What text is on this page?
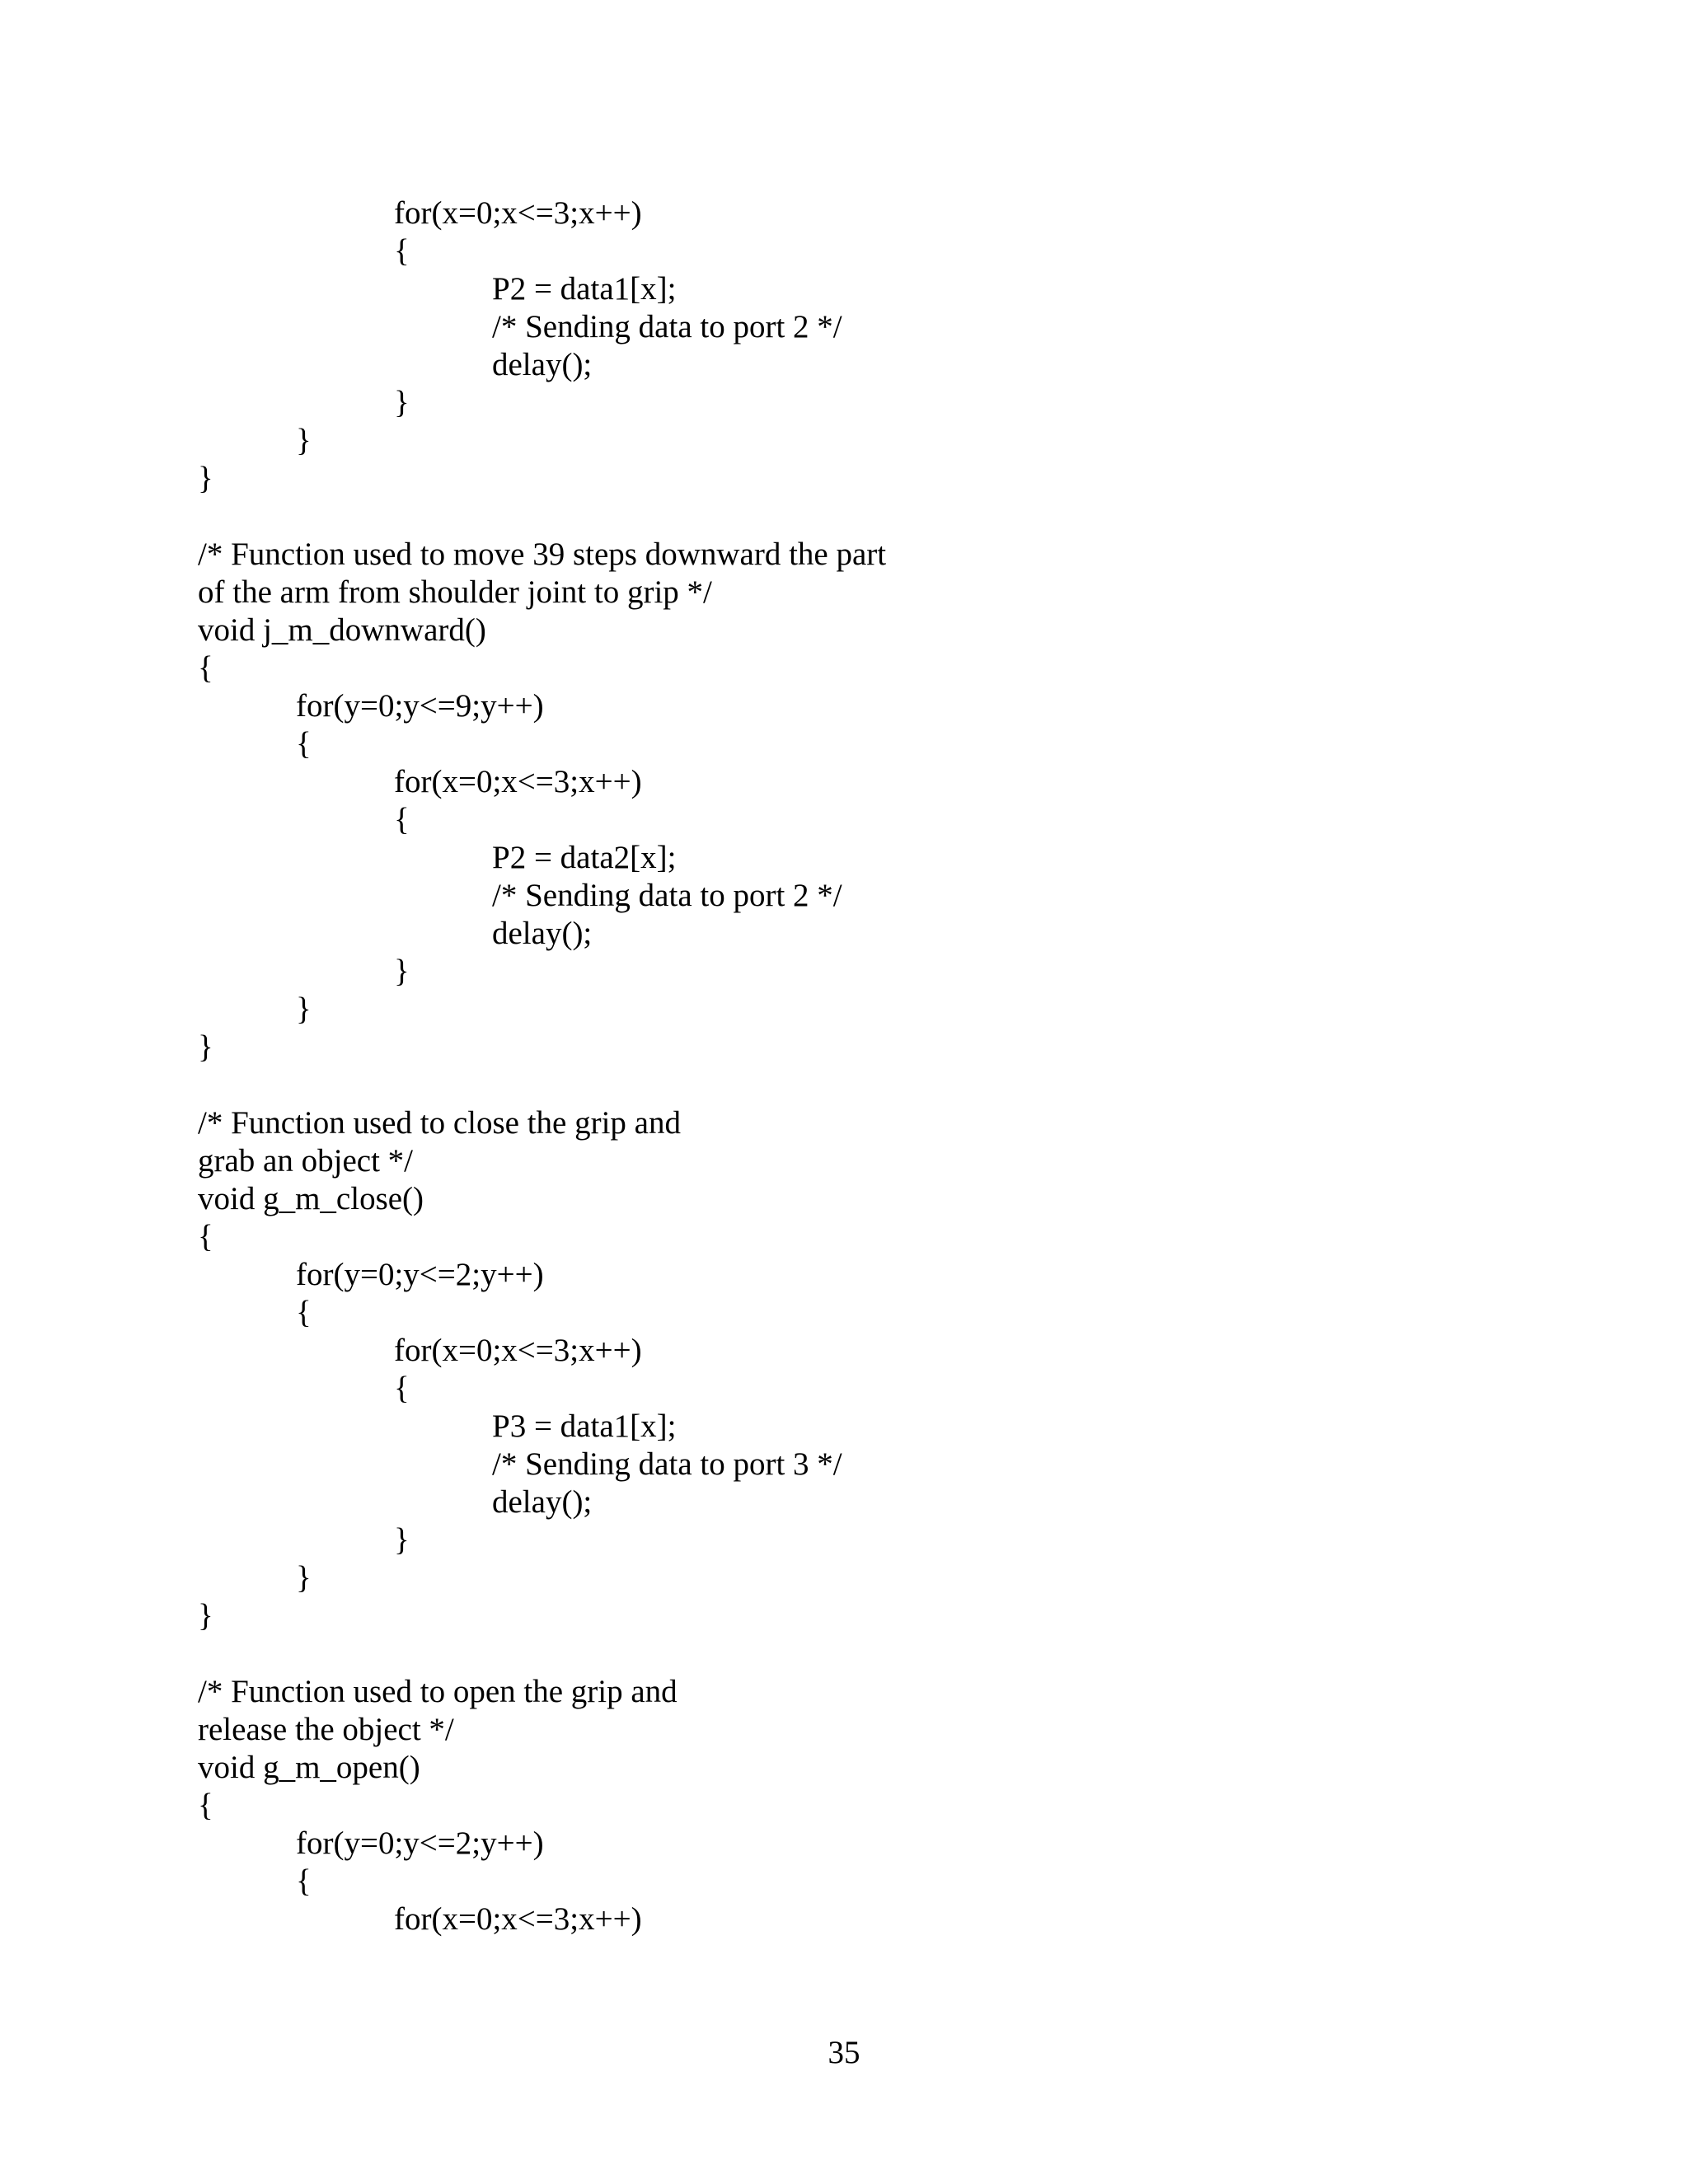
for(x=0;x<=3;x++)
{
P2 = data1[x];
/* Sending data to port 2 */
delay();
}
}
}
/* Function used to move 39 steps downward the part
of the arm from shoulder joint to grip */
void j_m_downward()
{
for(y=0;y<=9;y++)
{
for(x=0;x<=3;x++)
{
P2 = data2[x];
/* Sending data to port 2 */
delay();
}
}
}
/* Function used to close the grip and
grab an object */
void g_m_close()
{
for(y=0;y<=2;y++)
{
for(x=0;x<=3;x++)
{
P3 = data1[x];
/* Sending data to port 3 */
delay();
}
}
}
/* Function used to open the grip and
release the object */
void g_m_open()
{
for(y=0;y<=2;y++)
{
for(x=0;x<=3;x++)
35
